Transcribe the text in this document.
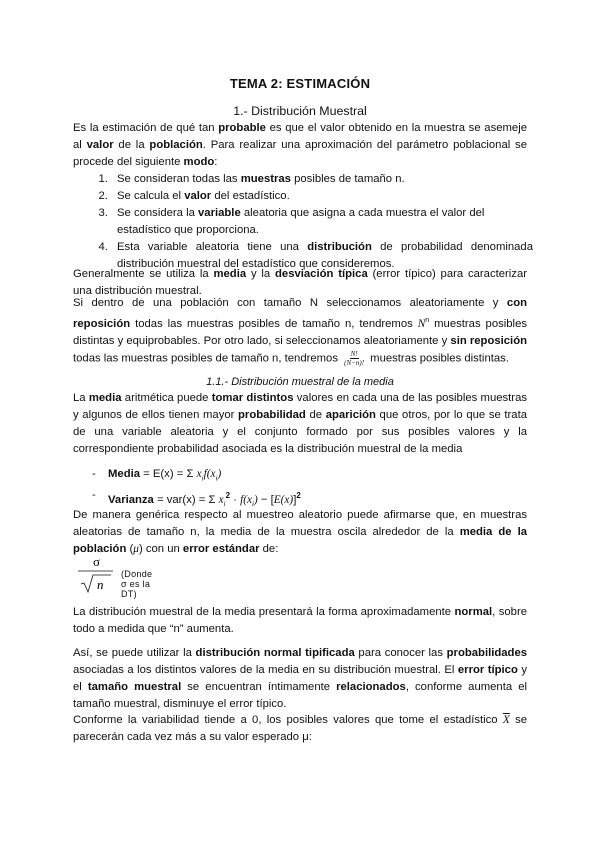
TEMA 2: ESTIMACIÓN
1.- Distribución Muestral
Es la estimación de qué tan probable es que el valor obtenido en la muestra se asemeje al valor de la población. Para realizar una aproximación del parámetro poblacional se procede del siguiente modo:
1. Se consideran todas las muestras posibles de tamaño n.
2. Se calcula el valor del estadístico.
3. Se considera la variable aleatoria que asigna a cada muestra el valor del estadístico que proporciona.
4. Esta variable aleatoria tiene una distribución de probabilidad denominada distribución muestral del estadístico que consideremos.
Generalmente se utiliza la media y la desviación típica (error típico) para caracterizar una distribución muestral.
Si dentro de una población con tamaño N seleccionamos aleatoriamente y con reposición todas las muestras posibles de tamaño n, tendremos $N^n$ muestras posibles distintas y equiprobables. Por otro lado, si seleccionamos aleatoriamente y sin reposición todas las muestras posibles de tamaño n, tendremos $\frac{N!}{(N-n)!}$ muestras posibles distintas.
1.1.- Distribución muestral de la media
La media aritmética puede tomar distintos valores en cada una de las posibles muestras y algunos de ellos tienen mayor probabilidad de aparición que otros, por lo que se trata de una variable aleatoria y el conjunto formado por sus posibles valores y la correspondiente probabilidad asociada es la distribución muestral de la media
-	Media = E(x) = Σ $x_if(x_i)$
-	Varianza = var(x) = Σ $x_i^2 \cdot f(x_i) - [E(x)]^2$
De manera genérica respecto al muestreo aleatorio puede afirmarse que, en muestras aleatorias de tamaño n, la media de la muestra oscila alrededor de la media de la población (μ) con un error estándar de:
σ
n
(Donde σ es la DT)
La distribución muestral de la media presentará la forma aproximadamente normal, sobre todo a medida que “n” aumenta.
Así, se puede utilizar la distribución normal tipificada para conocer las probabilidades asociadas a los distintos valores de la media en su distribución muestral. El error típico y el tamaño muestral se encuentran íntimamente relacionados, conforme aumenta el tamaño muestral, disminuye el error típico.
Conforme la variabilidad tiende a 0, los posibles valores que tome el estadístico $\overline{X}$ se parecerán cada vez más a su valor esperado μ:
